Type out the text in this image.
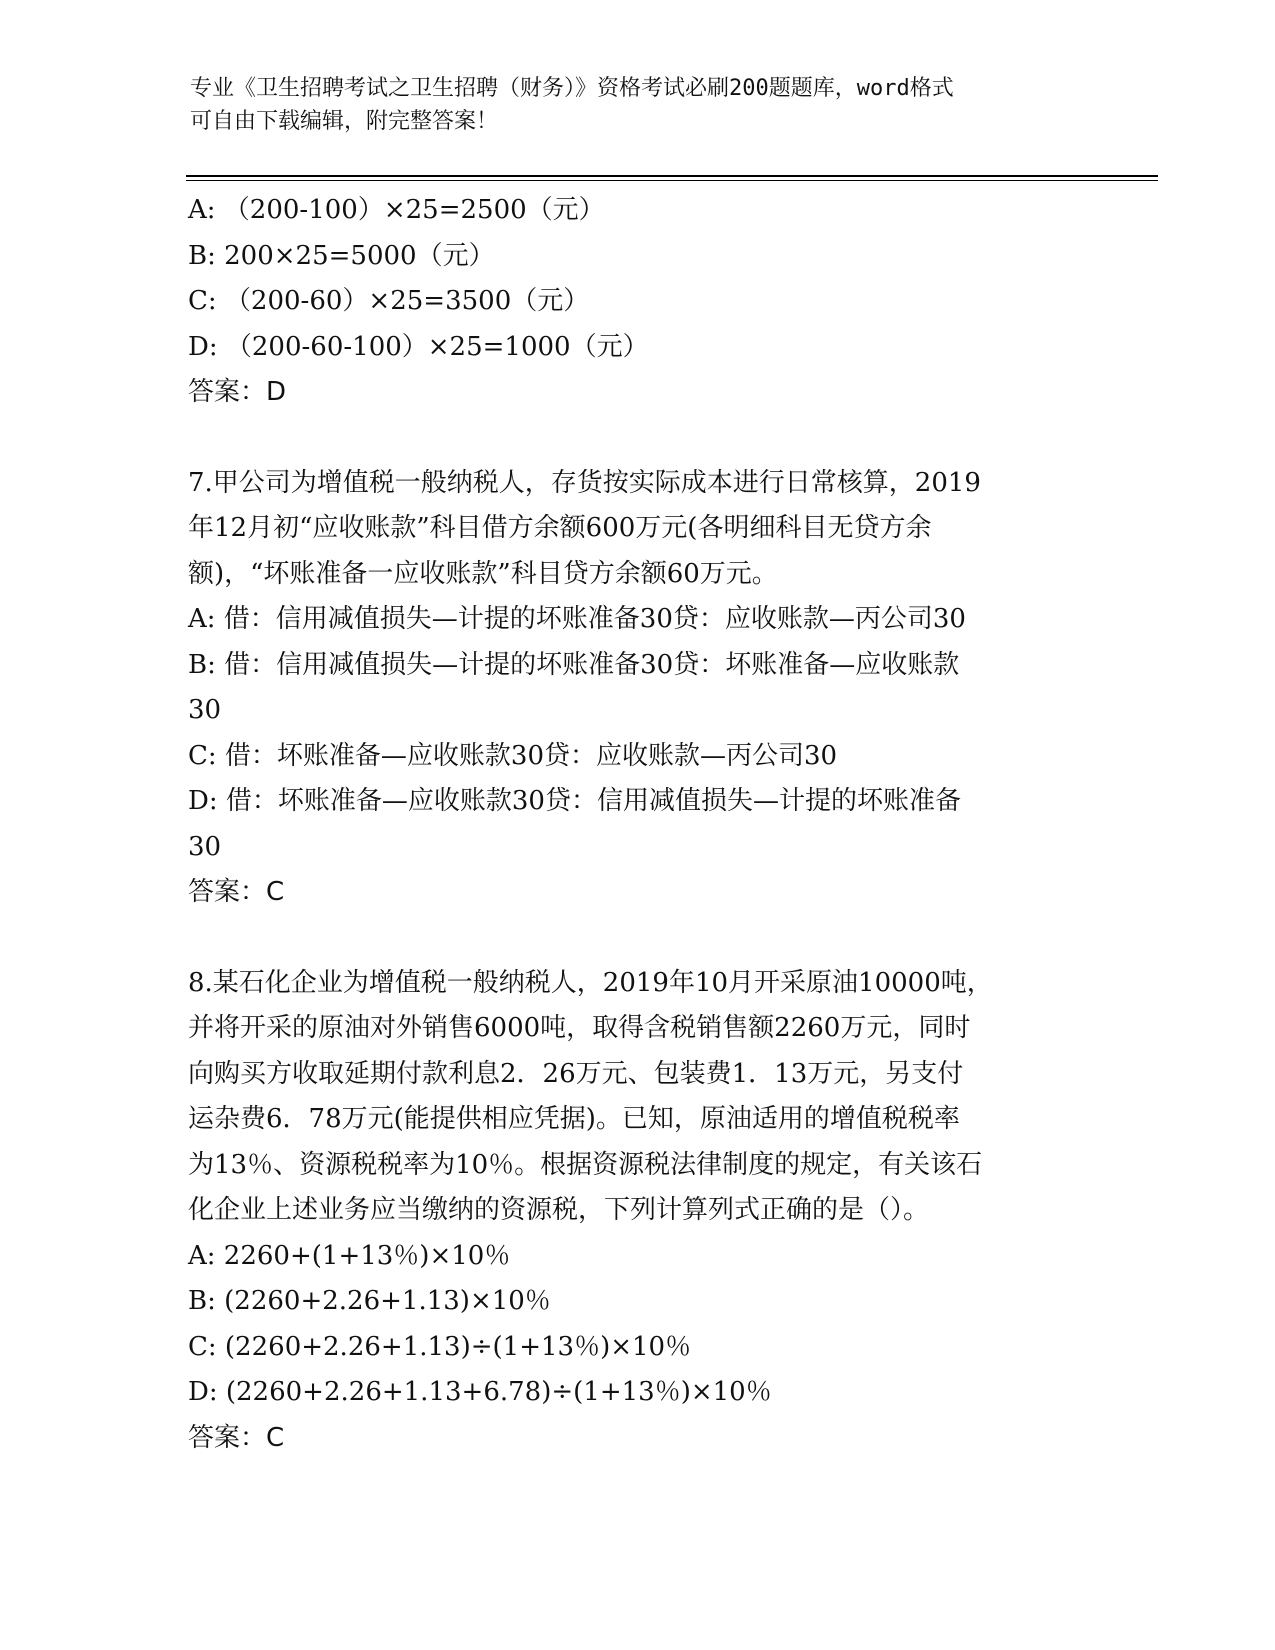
专业《卫生招聘考试之卫生招聘（财务）》资格考试必刷200题题库，word格式
可自由下载编辑，附完整答案！
A: （200-100）×25=2500（元）
B: 200×25=5000（元）
C: （200-60）×25=3500（元）
D: （200-60-100）×25=1000（元）
答案：D
7.甲公司为增值税一般纳税人，存货按实际成本进行日常核算，2019
年12月初“应收账款”科目借方余额600万元(各明细科目无贷方余
额)，“坏账准备一应收账款”科目贷方余额60万元。
A: 借：信用减值损失—计提的坏账准备30贷：应收账款—丙公司30
B: 借：信用减值损失—计提的坏账准备30贷：坏账准备—应收账款
30
C: 借：坏账准备—应收账款30贷：应收账款—丙公司30
D: 借：坏账准备—应收账款30贷：信用减值损失—计提的坏账准备
30
答案：C
8.某石化企业为增值税一般纳税人，2019年10月开采原油10000吨，
并将开采的原油对外销售6000吨，取得含税销售额2260万元，同时
向购买方收取延期付款利息2．26万元、包装费1．13万元，另支付
运杂费6．78万元(能提供相应凭据)。已知，原油适用的增值税税率
为13％、资源税税率为10％。根据资源税法律制度的规定，有关该石
化企业上述业务应当缴纳的资源税，下列计算列式正确的是（）。
A: 2260+(1+13％)×10％
B: (2260+2.26+1.13)×10％
C: (2260+2.26+1.13)÷(1+13％)×10％
D: (2260+2.26+1.13+6.78)÷(1+13％)×10％
答案：C
